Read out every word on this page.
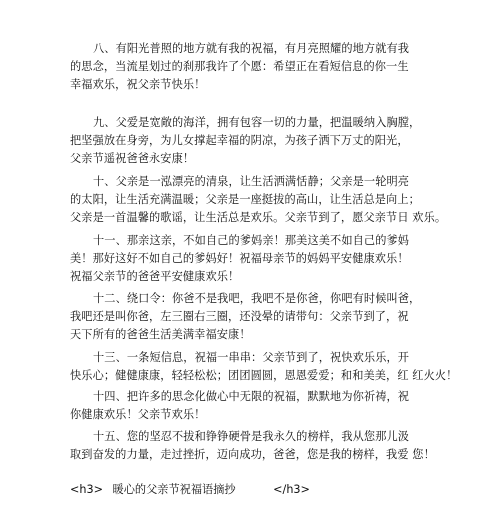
八、有阳光普照的地方就有我的祝福，有月亮照耀的地方就有我
的思念，当流星划过的刹那我许了个愿：希望正在看短信息的你一生
幸福欢乐，祝父亲节快乐！
九、父爱是宽敞的海洋，拥有包容一切的力量，把温暖纳入胸膛，
把坚强放在身旁，为儿女撑起幸福的阴凉，为孩子洒下万丈的阳光，
父亲节遥祝爸爸永安康！
十、父亲是一泓漂亮的清泉，让生活洒满恬静；父亲是一轮明亮
的太阳，让生活充满温暖；父亲是一座挺拔的高山，让生活总是向上；
父亲是一首温馨的歌谣，让生活总是欢乐。父亲节到了，愿父亲节日 欢乐。
十一、那亲这亲，不如自己的爹妈亲！那美这美不如自己的爹妈
美！那好这好不如自己的爹妈好！祝福母亲节的妈妈平安健康欢乐！
祝福父亲节的爸爸平安健康欢乐！
十二、绕口令：你爸不是我吧，我吧不是你爸，你吧有时候叫爸，
我吧还是叫你爸，左三圈右三圈，还没晕的请带句：父亲节到了，祝
天下所有的爸爸生活美满幸福安康！
十三、一条短信息，祝福一串串：父亲节到了，祝快欢乐乐，开
快乐心；健健康康，轻轻松松；团团圆圆，恩恩爱爱；和和美美，红 红火火！
十四、把许多的思念化做心中无限的祝福，默默地为你祈祷，祝
你健康欢乐！父亲节欢乐！
十五、您的坚忍不拔和铮铮硬骨是我永久的榜样，我从您那儿汲
取到奋发的力量，走过挫折，迈向成功，爸爸，您是我的榜样，我爱 您！
<h3> 暖心的父亲节祝福语摘抄	</h3>
